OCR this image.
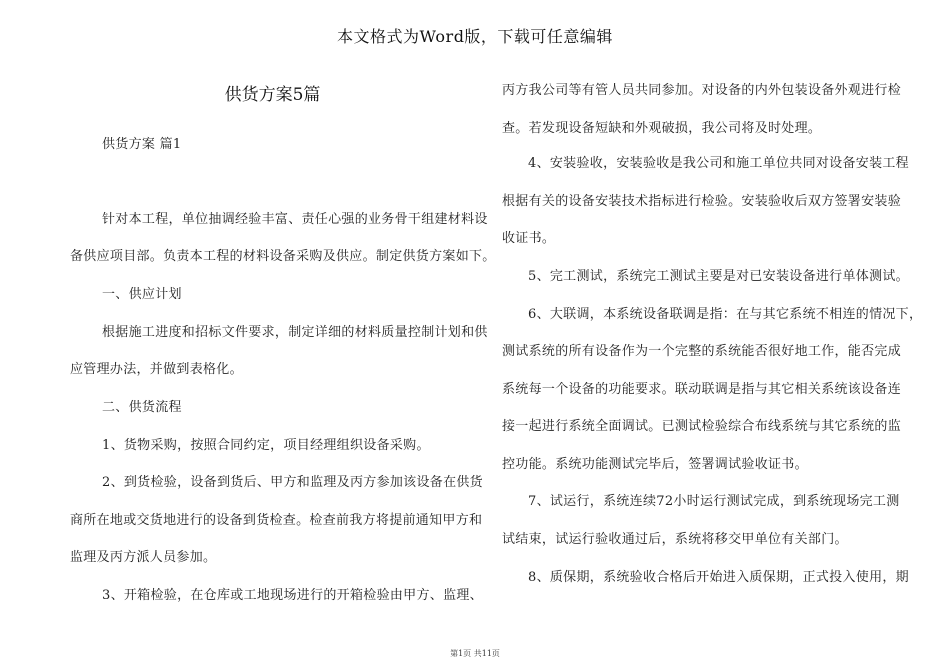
本文格式为Word版，下载可任意编辑
供货方案5篇
供货方案 篇1
针对本工程，单位抽调经验丰富、责任心强的业务骨干组建材料设
备供应项目部。负责本工程的材料设备采购及供应。制定供货方案如下。
一、供应计划
根据施工进度和招标文件要求，制定详细的材料质量控制计划和供
应管理办法，并做到表格化。
二、供货流程
1、货物采购，按照合同约定，项目经理组织设备采购。
2、到货检验，设备到货后、甲方和监理及丙方参加该设备在供货
商所在地或交货地进行的设备到货检查。检查前我方将提前通知甲方和
监理及丙方派人员参加。
3、开箱检验，在仓库或工地现场进行的开箱检验由甲方、监理、
丙方我公司等有管人员共同参加。对设备的内外包装设备外观进行检
查。若发现设备短缺和外观破损，我公司将及时处理。
4、安装验收，安装验收是我公司和施工单位共同对设备安装工程
根据有关的设备安装技术指标进行检验。安装验收后双方签署安装验
收证书。
5、完工测试，系统完工测试主要是对已安装设备进行单体测试。
6、大联调，本系统设备联调是指：在与其它系统不相连的情况下，
测试系统的所有设备作为一个完整的系统能否很好地工作，能否完成
系统每一个设备的功能要求。联动联调是指与其它相关系统该设备连
接一起进行系统全面调试。已测试检验综合布线系统与其它系统的监
控功能。系统功能测试完毕后，签署调试验收证书。
7、试运行，系统连续72小时运行测试完成，到系统现场完工测
试结束，试运行验收通过后，系统将移交甲单位有关部门。
8、质保期，系统验收合格后开始进入质保期，正式投入使用，期
第1页 共11页
